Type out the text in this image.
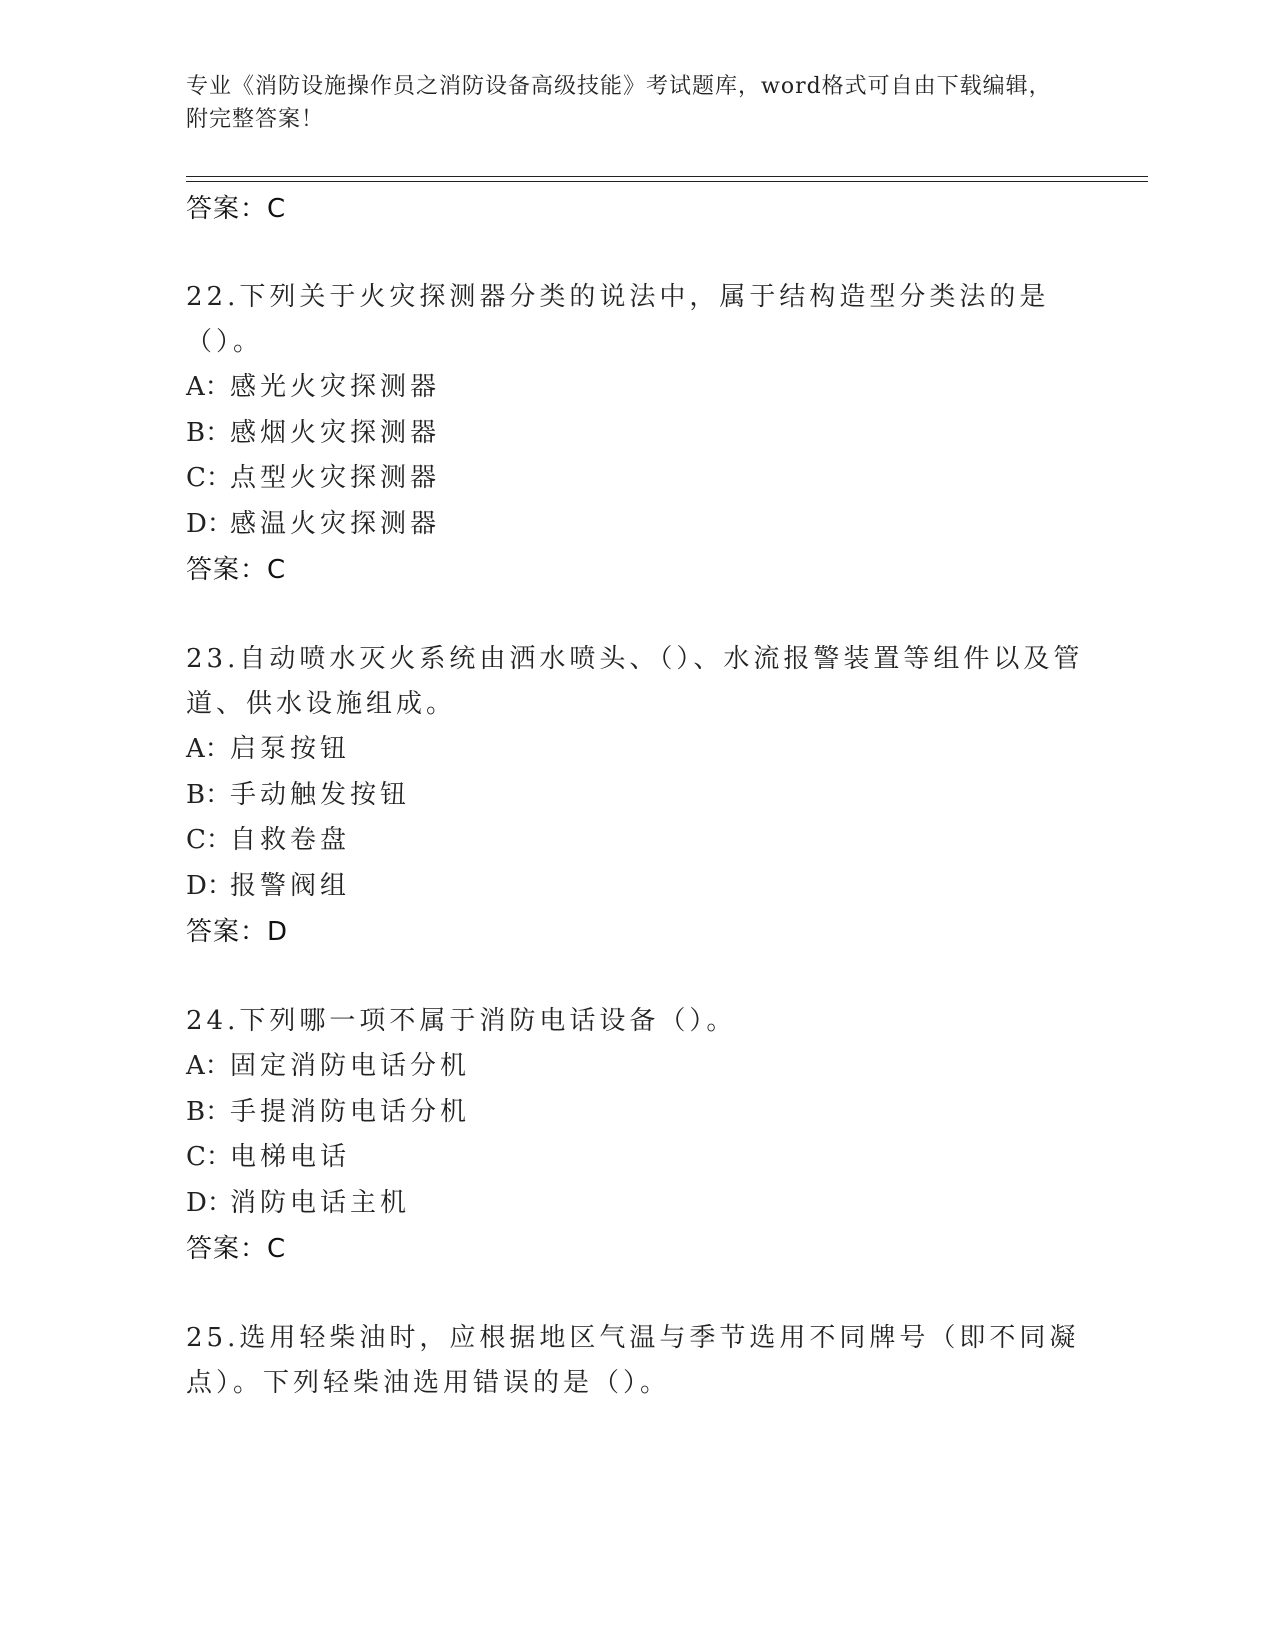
专业《消防设施操作员之消防设备高级技能》考试题库，word格式可自由下载编辑，附完整答案！
答案：C
22.下列关于火灾探测器分类的说法中，属于结构造型分类法的是（）。
A：感光火灾探测器
B：感烟火灾探测器
C：点型火灾探测器
D：感温火灾探测器
答案：C
23.自动喷水灭火系统由洒水喷头、（）、水流报警装置等组件以及管道、供水设施组成。
A：启泵按钮
B：手动触发按钮
C：自救卷盘
D：报警阀组
答案：D
24.下列哪一项不属于消防电话设备（）。
A：固定消防电话分机
B：手提消防电话分机
C：电梯电话
D：消防电话主机
答案：C
25.选用轻柴油时，应根据地区气温与季节选用不同牌号（即不同凝点）。下列轻柴油选用错误的是（）。
